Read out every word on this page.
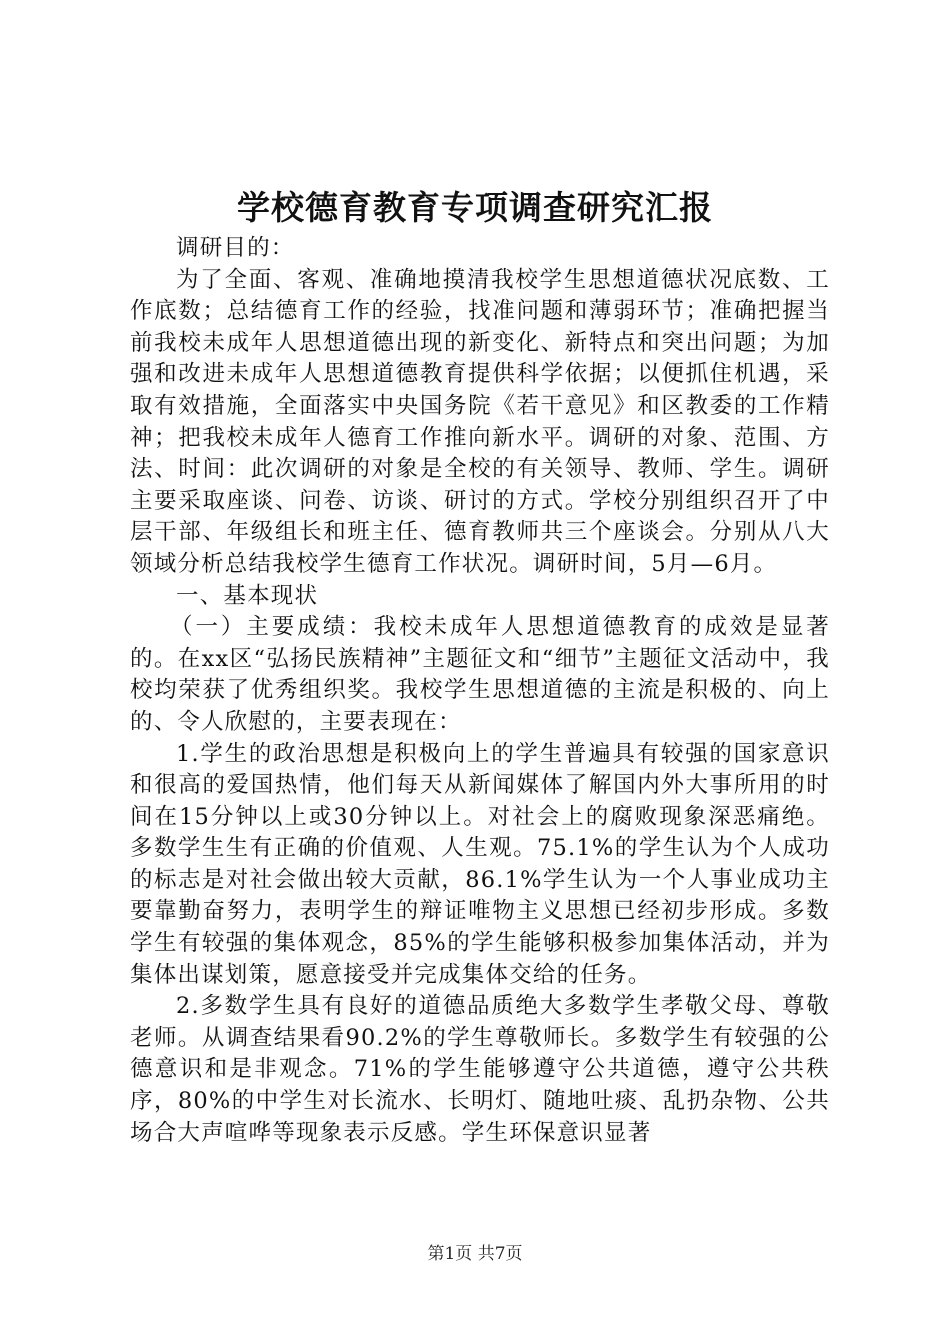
学校德育教育专项调查研究汇报

调研目的：

为了全面、客观、准确地摸清我校学生思想道德状况底数、工作底数；总结德育工作的经验，找准问题和薄弱环节；准确把握当前我校未成年人思想道德出现的新变化、新特点和突出问题；为加强和改进未成年人思想道德教育提供科学依据；以便抓住机遇，采取有效措施，全面落实中央国务院《若干意见》和区教委的工作精神；把我校未成年人德育工作推向新水平。调研的对象、范围、方法、时间：此次调研的对象是全校的有关领导、教师、学生。调研主要采取座谈、问卷、访谈、研讨的方式。学校分别组织召开了中层干部、年级组长和班主任、德育教师共三个座谈会。分别从八大领域分析总结我校学生德育工作状况。调研时间，5月—6月。

一、基本现状

（一）主要成绩：我校未成年人思想道德教育的成效是显著的。在xx区“弘扬民族精神”主题征文和“细节”主题征文活动中，我校均荣获了优秀组织奖。我校学生思想道德的主流是积极的、向上的、令人欣慰的，主要表现在：

1.学生的政治思想是积极向上的学生普遍具有较强的国家意识和很高的爱国热情，他们每天从新闻媒体了解国内外大事所用的时间在15分钟以上或30分钟以上。对社会上的腐败现象深恶痛绝。多数学生生有正确的价值观、人生观。75.1%的学生认为个人成功的标志是对社会做出较大贡献，86.1%学生认为一个人事业成功主要靠勤奋努力，表明学生的辩证唯物主义思想已经初步形成。多数学生有较强的集体观念，85%的学生能够积极参加集体活动，并为集体出谋划策，愿意接受并完成集体交给的任务。

2.多数学生具有良好的道德品质绝大多数学生孝敬父母、尊敬老师。从调查结果看90.2%的学生尊敬师长。多数学生有较强的公德意识和是非观念。71%的学生能够遵守公共道德，遵守公共秩序，80%的中学生对长流水、长明灯、随地吐痰、乱扔杂物、公共场合大声喧哗等现象表示反感。学生环保意识显著

第1页 共7页
